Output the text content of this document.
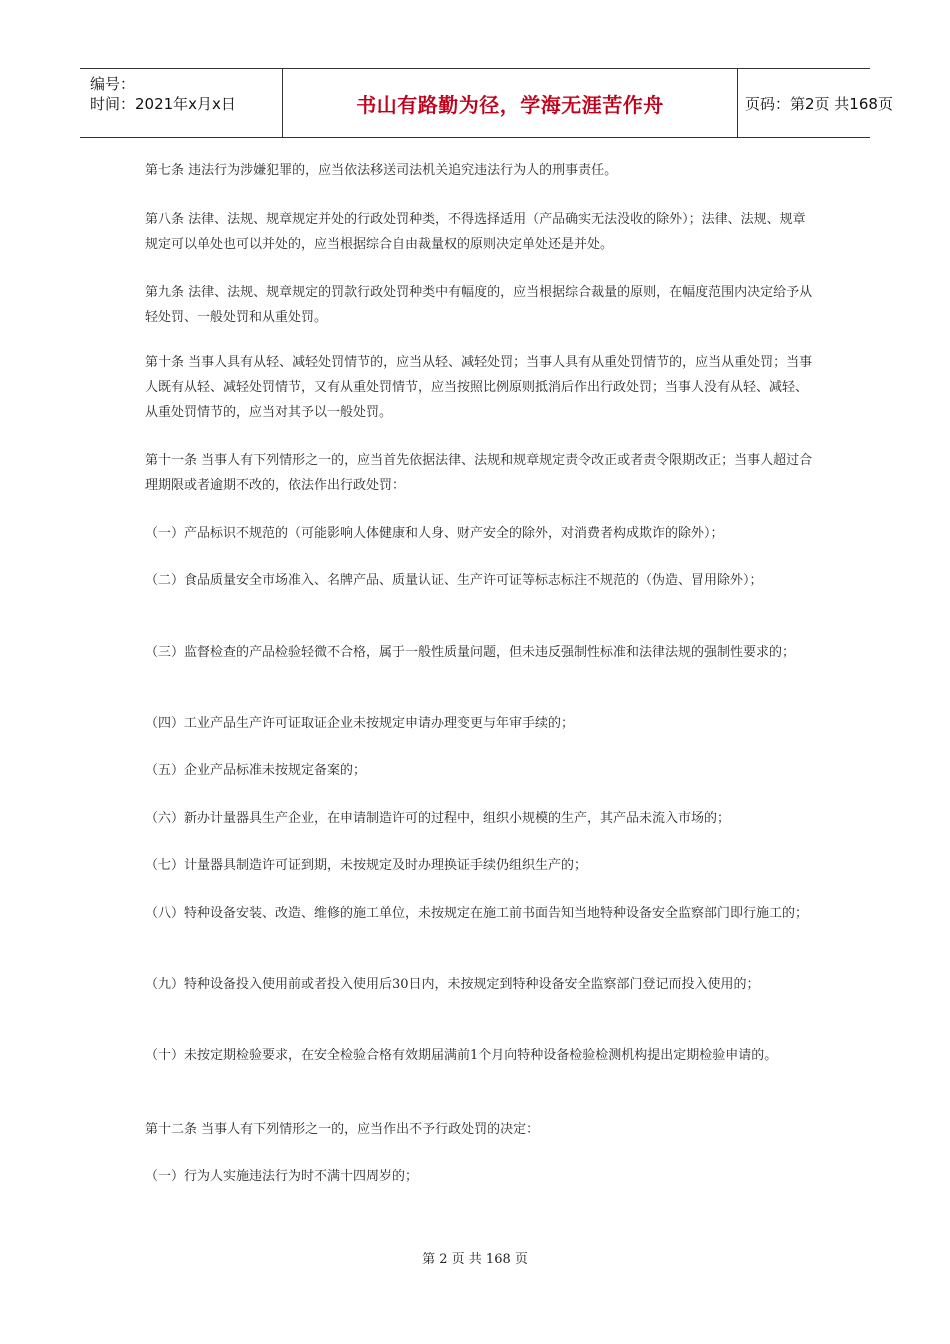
编号：
时间：2021年x月x日	书山有路勤为径，学海无涯苦作舟	页码：第2页 共168页

第七条 违法行为涉嫌犯罪的，应当依法移送司法机关追究违法行为人的刑事责任。

第八条 法律、法规、规章规定并处的行政处罚种类，不得选择适用（产品确实无法没收的除外）；法律、法规、规章规定可以单处也可以并处的，应当根据综合自由裁量权的原则决定单处还是并处。

第九条 法律、法规、规章规定的罚款行政处罚种类中有幅度的，应当根据综合裁量的原则，在幅度范围内决定给予从轻处罚、一般处罚和从重处罚。

第十条 当事人具有从轻、减轻处罚情节的，应当从轻、减轻处罚；当事人具有从重处罚情节的，应当从重处罚；当事人既有从轻、减轻处罚情节，又有从重处罚情节，应当按照比例原则抵消后作出行政处罚；当事人没有从轻、减轻、从重处罚情节的，应当对其予以一般处罚。

第十一条 当事人有下列情形之一的，应当首先依据法律、法规和规章规定责令改正或者责令限期改正；当事人超过合理期限或者逾期不改的，依法作出行政处罚：

（一）产品标识不规范的（可能影响人体健康和人身、财产安全的除外，对消费者构成欺诈的除外）；

（二）食品质量安全市场准入、名牌产品、质量认证、生产许可证等标志标注不规范的（伪造、冒用除外）；

（三）监督检查的产品检验轻微不合格，属于一般性质量问题，但未违反强制性标准和法律法规的强制性要求的；

（四）工业产品生产许可证取证企业未按规定申请办理变更与年审手续的；

（五）企业产品标准未按规定备案的；

（六）新办计量器具生产企业，在申请制造许可的过程中，组织小规模的生产，其产品未流入市场的；

（七）计量器具制造许可证到期，未按规定及时办理换证手续仍组织生产的；

（八）特种设备安装、改造、维修的施工单位，未按规定在施工前书面告知当地特种设备安全监察部门即行施工的；

（九）特种设备投入使用前或者投入使用后30日内，未按规定到特种设备安全监察部门登记而投入使用的；

（十）未按定期检验要求，在安全检验合格有效期届满前1个月向特种设备检验检测机构提出定期检验申请的。

第十二条 当事人有下列情形之一的，应当作出不予行政处罚的决定：

（一）行为人实施违法行为时不满十四周岁的；

第 2 页 共 168 页
